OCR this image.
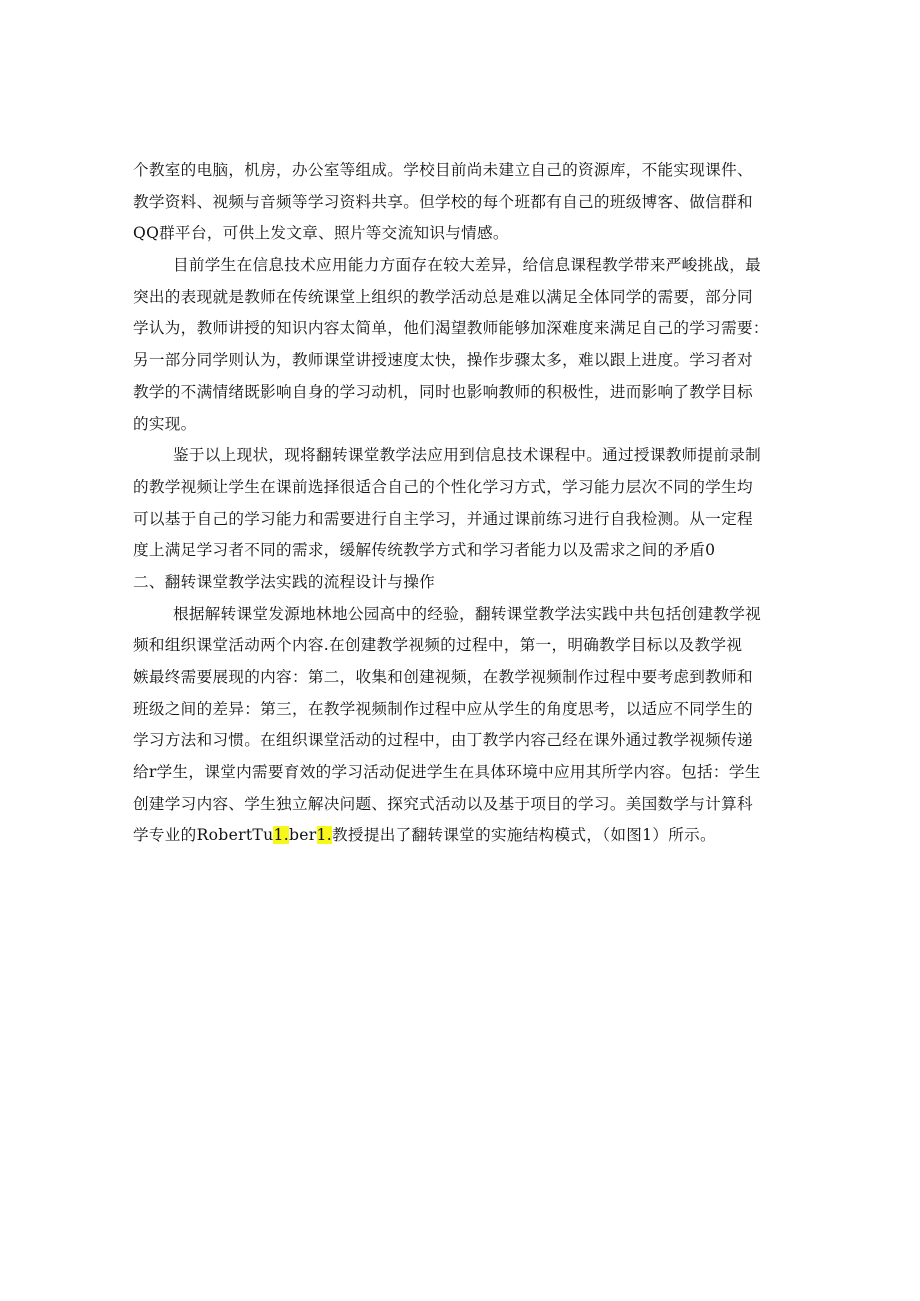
个教室的电脑，机房，办公室等组成。学校目前尚未建立自己的资源库，不能实现课件、
教学资料、视频与音频等学习资料共享。但学校的每个班都有自己的班级博客、做信群和
QQ群平台，可供上发文章、照片等交流知识与情感。
目前学生在信息技术应用能力方面存在较大差异，给信息课程教学带来严峻挑战，最
突出的表现就是教师在传统课堂上组织的教学活动总是难以满足全体同学的需要，部分同
学认为，教师讲授的知识内容太简单，他们渴望教师能够加深难度来满足自己的学习需要：
另一部分同学则认为，教师课堂讲授速度太快，操作步骤太多，难以跟上进度。学习者对
教学的不满情绪既影响自身的学习动机，同时也影响教师的积极性，进而影响了教学目标
的实现。
鉴于以上现状，现将翻转课堂教学法应用到信息技术课程中。通过授课教师提前录制
的教学视频让学生在课前选择很适合自己的个性化学习方式，学习能力层次不同的学生均
可以基于自己的学习能力和需要进行自主学习，并通过课前练习进行自我检测。从一定程
度上满足学习者不同的需求，缓解传统教学方式和学习者能力以及需求之间的矛盾0
二、翻转课堂教学法实践的流程设计与操作
根据解转课堂发源地林地公园高中的经验，翻转课堂教学法实践中共包括创建教学视
频和组织课堂活动两个内容.在创建教学视频的过程中，第一，明确教学目标以及教学视
嫉最终需要展现的内容：第二，收集和创建视频，在教学视频制作过程中要考虑到教师和
班级之间的差异：第三，在教学视频制作过程中应从学生的角度思考，以适应不同学生的
学习方法和习惯。在组织课堂活动的过程中，由丁教学内容己经在课外通过教学视频传递
给r学生，课堂内需要育效的学习活动促进学生在具体环境中应用其所学内容。包括：学生
创建学习内容、学生独立解决问题、探究式活动以及基于项目的学习。美国数学与计算科
学专业的RobertTu1.ber1.教授提出了翻转课堂的实施结构模式，（如图1）所示。
